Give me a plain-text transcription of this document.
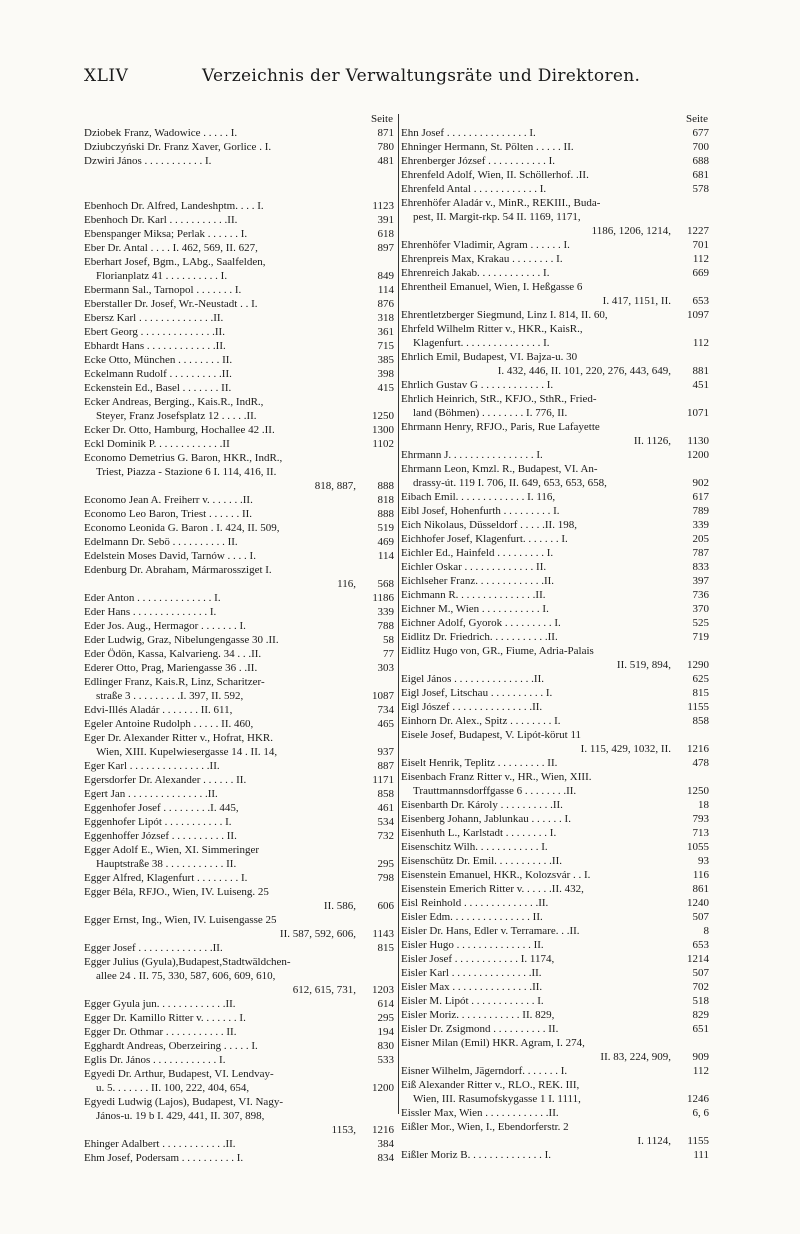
XLIV	Verzeichnis der Verwaltungsräte und Direktoren.
Seite
Dziobek Franz, Wadowice . . . . . I.	871
Dziubczyński Dr. Franz Xaver, Gorlice . I.	780
Dzwiri János . . . . . . . . . . . I.	481
Ebenhoch Dr. Alfred, Landeshptm. . . . I.	1123
Ebenhoch Dr. Karl . . . . . . . . . . .II.	391
Ebenspanger Miksa; Perlak . . . . . . I.	618
Eber Dr. Antal . . . . I. 462, 569, II. 627,	897
Eberhart Josef, Bgm., LAbg., Saalfelden,
Florianplatz 41 . . . . . . . . . . I.	849
Ebermann Sal., Tarnopol . . . . . . . I.	114
Eberstaller Dr. Josef, Wr.-Neustadt . . I.	876
Ebersz Karl . . . . . . . . . . . . . .II.	318
Ebert Georg . . . . . . . . . . . . . .II.	361
Ebhardt Hans . . . . . . . . . . . . .II.	715
Ecke Otto, München . . . . . . . . II.	385
Eckelmann Rudolf . . . . . . . . . .II.	398
Eckenstein Ed., Basel . . . . . . . II.	415
Ecker Andreas, Berging., Kais.R., IndR.,
Steyer, Franz Josefsplatz 12 . . . . .II.	1250
Ecker Dr. Otto, Hamburg, Hochallee 42 .II.	1300
Eckl Dominik P. . . . . . . . . . . . .II	1102
Economo Demetrius G. Baron, HKR., IndR.,
Triest, Piazza - Stazione 6 I. 114, 416, II.
818, 887,	888
Economo Jean A. Freiherr v. . . . . . .II.	818
Economo Leo Baron, Triest . . . . . . II.	888
Economo Leonida G. Baron . I. 424, II. 509,	519
Edelmann Dr. Sebö . . . . . . . . . . II.	469
Edelstein Moses David, Tarnów . . . . I.	114
Edenburg Dr. Abraham, Mármarossziget I.
116,	568
Eder Anton . . . . . . . . . . . . . . I.	1186
Eder Hans . . . . . . . . . . . . . . I.	339
Eder Jos. Aug., Hermagor . . . . . . . I.	788
Eder Ludwig, Graz, Nibelungengasse 30 .II.	58
Eder Ödön, Kassa, Kalvarieng. 34 . . .II.	77
Ederer Otto, Prag, Mariengasse 36 . .II.	303
Edlinger Franz, Kais.R, Linz, Scharitzer-
straße 3 . . . . . . . . .I. 397, II. 592,	1087
Edvi-Illés Aladár . . . . . . . II. 611,	734
Egeler Antoine Rudolph . . . . . II. 460,	465
Eger Dr. Alexander Ritter v., Hofrat, HKR.
Wien, XIII. Kupelwiesergasse 14 . II. 14,	937
Eger Karl . . . . . . . . . . . . . . .II.	887
Egersdorfer Dr. Alexander . . . . . . II.	1171
Egert Jan . . . . . . . . . . . . . . .II.	858
Eggenhofer Josef . . . . . . . . .I. 445,	461
Eggenhofer Lipót . . . . . . . . . . . I.	534
Eggenhoffer József . . . . . . . . . . II.	732
Egger Adolf E., Wien, XI. Simmeringer
Hauptstraße 38 . . . . . . . . . . . II.	295
Egger Alfred, Klagenfurt . . . . . . . . I.	798
Egger Béla, RFJO., Wien, IV. Luiseng. 25
II. 586,	606
Egger Ernst, Ing., Wien, IV. Luisengasse 25
II. 587, 592, 606,	1143
Egger Josef . . . . . . . . . . . . . .II.	815
Egger Julius (Gyula),Budapest,Stadtwäldchen-
allee 24 . II. 75, 330, 587, 606, 609, 610,
612, 615, 731,	1203
Egger Gyula jun. . . . . . . . . . . . .II.	614
Egger Dr. Kamillo Ritter v. . . . . . . I.	295
Egger Dr. Othmar . . . . . . . . . . . II.	194
Egghardt Andreas, Oberzeiring . . . . . I.	830
Eglis Dr. János . . . . . . . . . . . . I.	533
Egyedi Dr. Arthur, Budapest, VI. Lendvay-
u. 5. . . . . . . II. 100, 222, 404, 654,	1200
Egyedi Ludwig (Lajos), Budapest, VI. Nagy-
János-u. 19 b I. 429, 441, II. 307, 898,
1153,	1216
Ehinger Adalbert . . . . . . . . . . . .II.	384
Ehm Josef, Podersam . . . . . . . . . . I.	834
Seite
Ehn Josef . . . . . . . . . . . . . . . I.	677
Ehninger Hermann, St. Pölten . . . . . II.	700
Ehrenberger József . . . . . . . . . . . I.	688
Ehrenfeld Adolf, Wien, II. Schöllerhof. .II.	681
Ehrenfeld Antal . . . . . . . . . . . . I.	578
Ehrenhöfer Aladár v., MinR., REKIII., Buda-
pest, II. Margit-rkp. 54 II. 1169, 1171,
1186, 1206, 1214,	1227
Ehrenhöfer Vladimir, Agram . . . . . . I.	701
Ehrenpreis Max, Krakau . . . . . . . . I.	112
Ehrenreich Jakab. . . . . . . . . . . . I.	669
Ehrentheil Emanuel, Wien, I. Heßgasse 6
I. 417, 1151, II.	653
Ehrentletzberger Siegmund, Linz I. 814, II. 60,	1097
Ehrfeld Wilhelm Ritter v., HKR., KaisR.,
Klagenfurt. . . . . . . . . . . . . . . I.	112
Ehrlich Emil, Budapest, VI. Bajza-u. 30
I. 432, 446, II. 101, 220, 276, 443, 649,	881
Ehrlich Gustav G . . . . . . . . . . . . I.	451
Ehrlich Heinrich, StR., KFJO., SthR., Fried-
land (Böhmen) . . . . . . . . I. 776, II.	1071
Ehrmann Henry, RFJO., Paris, Rue Lafayette
II. 1126,	1130
Ehrmann J. . . . . . . . . . . . . . . . I.	1200
Ehrmann Leon, Kmzl. R., Budapest, VI. An-
drassy-út. 119 I. 706, II. 649, 653, 653, 658,	902
Eibach Emil. . . . . . . . . . . . . I. 116,	617
Eibl Josef, Hohenfurth . . . . . . . . . I.	789
Eich Nikolaus, Düsseldorf . . . . .II. 198,	339
Eichhofer Josef, Klagenfurt. . . . . . . I.	205
Eichler Ed., Hainfeld . . . . . . . . . I.	787
Eichler Oskar . . . . . . . . . . . . . II.	833
Eichlseher Franz. . . . . . . . . . . . .II.	397
Eichmann R. . . . . . . . . . . . . . .II.	736
Eichner M., Wien . . . . . . . . . . . I.	370
Eichner Adolf, Gyorok . . . . . . . . . I.	525
Eidlitz Dr. Friedrich. . . . . . . . . . .II.	719
Eidlitz Hugo von, GR., Fiume, Adria-Palais
II. 519, 894,	1290
Eigel János . . . . . . . . . . . . . . .II.	625
Eigl Josef, Litschau . . . . . . . . . . I.	815
Eigl Jószef . . . . . . . . . . . . . . .II.	1155
Einhorn Dr. Alex., Spitz . . . . . . . . I.	858
Eisele Josef, Budapest, V. Lipót-körut 11
I. 115, 429, 1032, II.	1216
Eiselt Henrik, Teplitz . . . . . . . . . II.	478
Eisenbach Franz Ritter v., HR., Wien, XIII.
Trauttmannsdorffgasse 6 . . . . . . . .II.	1250
Eisenbarth Dr. Károly . . . . . . . . . .II.	18
Eisenberg Johann, Jablunkau . . . . . . I.	793
Eisenhuth L., Karlstadt . . . . . . . . I.	713
Eisenschitz Wilh. . . . . . . . . . . . I.	1055
Eisenschütz Dr. Emil. . . . . . . . . . .II.	93
Eisenstein Emanuel, HKR., Kolozsvár . . I.	116
Eisenstein Emerich Ritter v. . . . . .II. 432,	861
Eisl Reinhold . . . . . . . . . . . . . .II.	1240
Eisler Edm. . . . . . . . . . . . . . . II.	507
Eisler Dr. Hans, Edler v. Terramare. . .II.	8
Eisler Hugo . . . . . . . . . . . . . . II.	653
Eisler Josef . . . . . . . . . . . . I. 1174,	1214
Eisler Karl . . . . . . . . . . . . . . .II.	507
Eisler Max . . . . . . . . . . . . . . .II.	702
Eisler M. Lipót . . . . . . . . . . . . I.	518
Eisler Moriz. . . . . . . . . . . . II. 829,	829
Eisler Dr. Zsigmond . . . . . . . . . . II.	651
Eisner Milan (Emil) HKR. Agram, I. 274,
II. 83, 224, 909,	909
Eisner Wilhelm, Jägerndorf. . . . . . . I.	112
Eiß Alexander Ritter v., RLO., REK. III,
Wien, III. Rasumofskygasse 1 I. 1111,	1246
Eissler Max, Wien . . . . . . . . . . . .II.	6, 6
Eißler Mor., Wien, I., Ebendorferstr. 2
I. 1124,	1155
Eißler Moriz B. . . . . . . . . . . . . . I.	111
